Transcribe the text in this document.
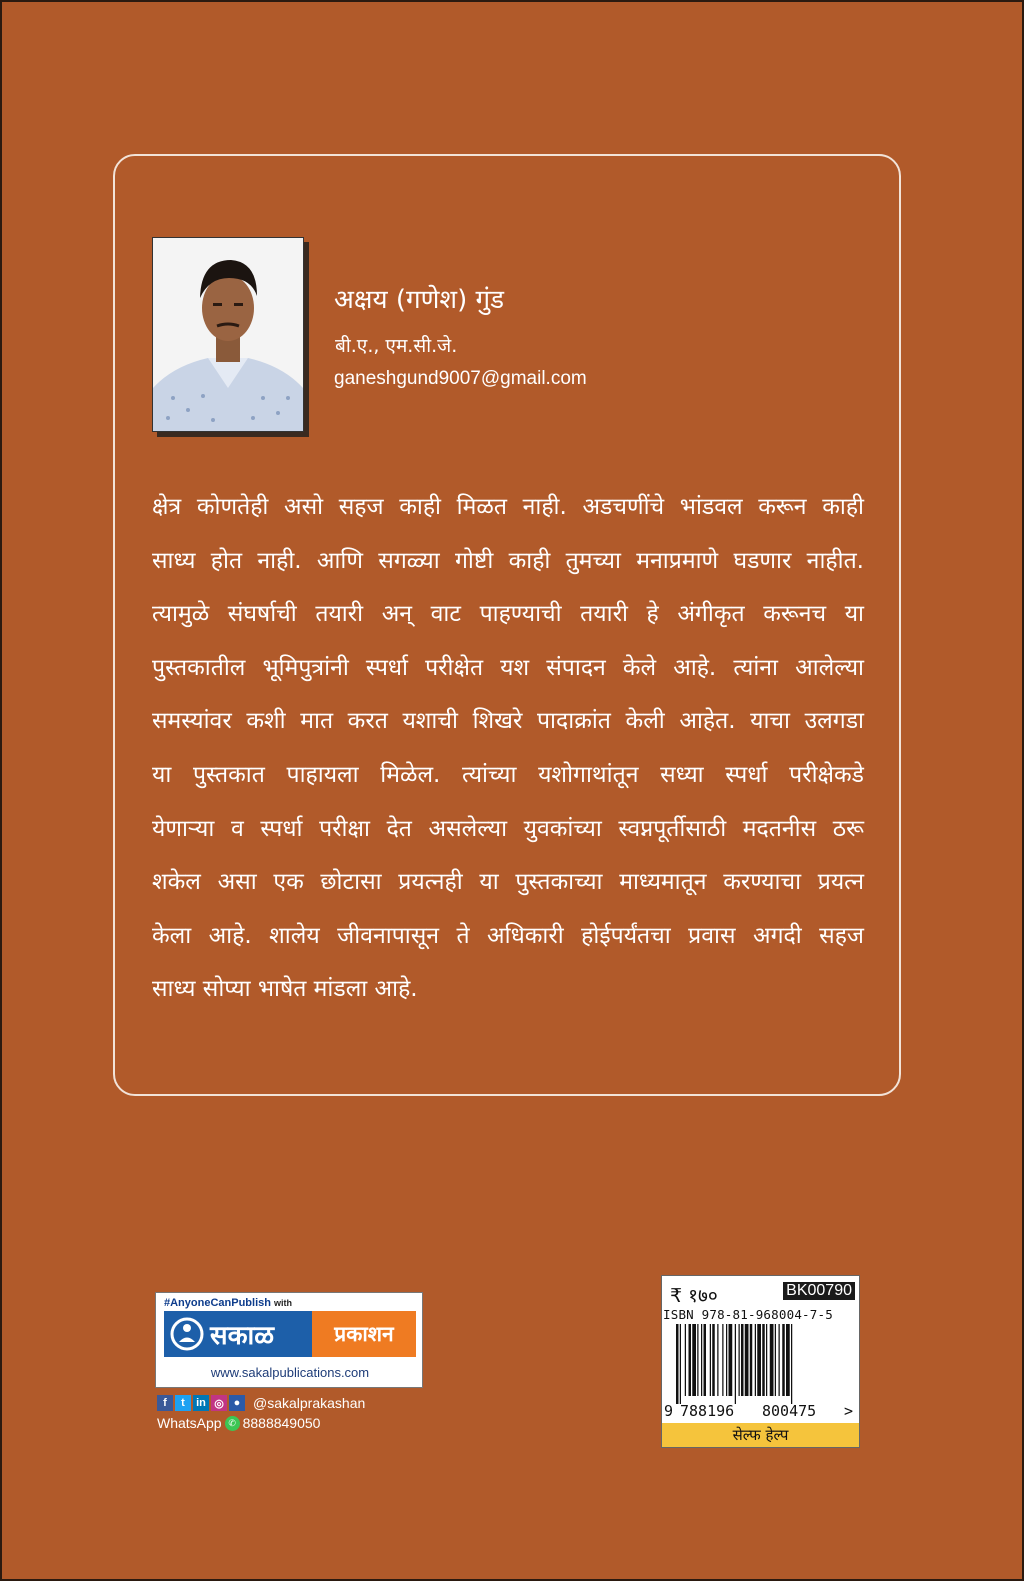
अक्षय (गणेश) गुंड
बी.ए., एम.सी.जे.
ganeshgund9007@gmail.com
क्षेत्र कोणतेही असो सहज काही मिळत नाही. अडचणींचे भांडवल करून काही
साध्य होत नाही. आणि सगळ्या गोष्टी काही तुमच्या मनाप्रमाणे घडणार नाहीत.
त्यामुळे संघर्षाची तयारी अन् वाट पाहण्याची तयारी हे अंगीकृत करूनच या
पुस्तकातील भूमिपुत्रांनी स्पर्धा परीक्षेत यश संपादन केले आहे. त्यांना आलेल्या
समस्यांवर कशी मात करत यशाची शिखरे पादाक्रांत केली आहेत. याचा उलगडा
या पुस्तकात पाहायला मिळेल. त्यांच्या यशोगाथांतून सध्या स्पर्धा परीक्षेकडे
येणाऱ्या व स्पर्धा परीक्षा देत असलेल्या युवकांच्या स्वप्नपूर्तीसाठी मदतनीस ठरू
शकेल असा एक छोटासा प्रयत्नही या पुस्तकाच्या माध्यमातून करण्याचा प्रयत्न
केला आहे. शालेय जीवनापासून ते अधिकारी होईपर्यंतचा प्रवास अगदी सहज
साध्य सोप्या भाषेत मांडला आहे.
#AnyoneCanPublish with
सकाळ	प्रकाशन
www.sakalpublications.com
f	t	in ◎ ● @sakalprakashan
WhatsApp ✆ 8888849050
₹ १७०	BK00790
ISBN 978-81-968004-7-5
9 788196 800475 >
सेल्फ हेल्प
